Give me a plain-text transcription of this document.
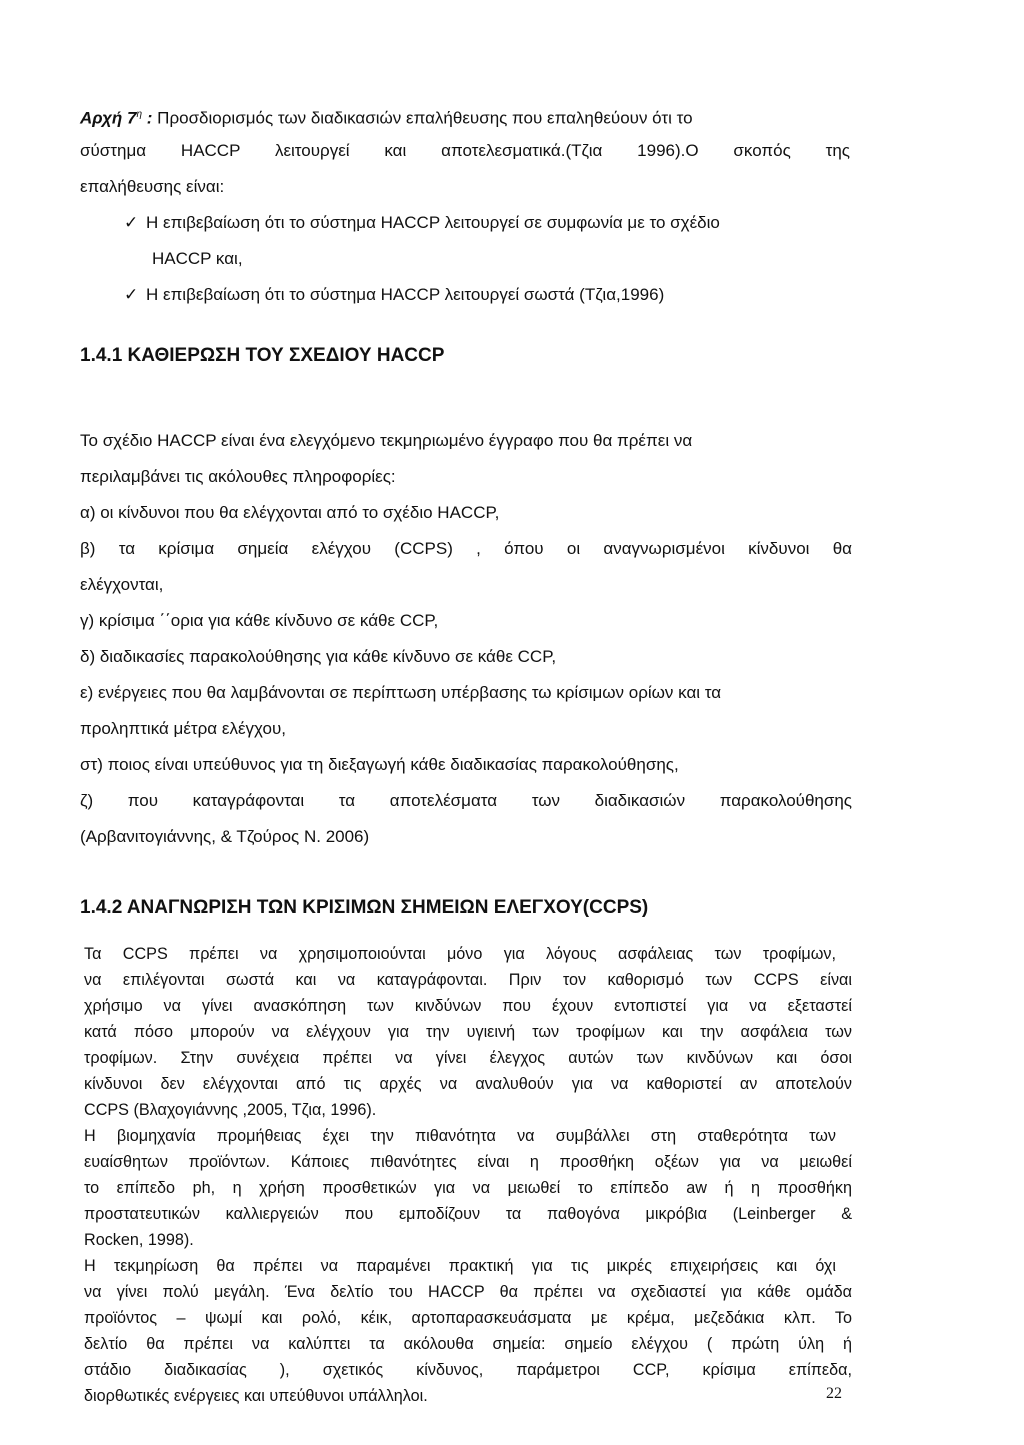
Αρχή $7^\eta$ : Προσδιορισμός των διαδικασιών επαλήθευσης που επαληθεύουν ότι το
σύστημα HACCP λειτουργεί και αποτελεσματικά.(Τζια 1996).Ο σκοπός της
επαλήθευσης είναι:
✓ Η επιβεβαίωση ότι το σύστημα HACCP λειτουργεί σε συμφωνία με το σχέδιο
HACCP και,
✓ Η επιβεβαίωση ότι το σύστημα HACCP λειτουργεί σωστά (Τζια,1996)
1.4.1 ΚΑΘΙΕΡΩΣΗ ΤΟΥ ΣΧΕΔΙΟΥ HACCP
Το σχέδιο HACCP είναι ένα ελεγχόμενο τεκμηριωμένο έγγραφο που θα πρέπει να
περιλαμβάνει τις ακόλουθες πληροφορίες:
α) οι κίνδυνοι που θα ελέγχονται από το σχέδιο HACCP,
β) τα κρίσιμα σημεία ελέγχου (CCPS) , όπου οι αναγνωρισμένοι κίνδυνοι θα
ελέγχονται,
γ) κρίσιμα ΄΄ορια για κάθε κίνδυνο σε κάθε CCP,
δ) διαδικασίες παρακολούθησης για κάθε κίνδυνο σε κάθε CCP,
ε) ενέργειες που θα λαμβάνονται σε περίπτωση υπέρβασης τω κρίσιμων ορίων και τα
προληπτικά μέτρα ελέγχου,
στ) ποιος είναι υπεύθυνος για τη διεξαγωγή κάθε διαδικασίας παρακολούθησης,
ζ) που καταγράφονται τα αποτελέσματα των διαδικασιών παρακολούθησης
(Αρβανιτογιάννης, & Τζούρος Ν. 2006)
1.4.2 ΑΝΑΓΝΩΡΙΣΗ ΤΩΝ ΚΡΙΣΙΜΩΝ ΣΗΜΕΙΩΝ ΕΛΕΓΧΟΥ(CCPS)
Τα CCPS πρέπει να χρησιμοποιούνται μόνο για λόγους ασφάλειας των τροφίμων,
να επιλέγονται σωστά και να καταγράφονται. Πριν τον καθορισμό των CCPS είναι
χρήσιμο να γίνει ανασκόπηση των κινδύνων που έχουν εντοπιστεί για να εξεταστεί
κατά πόσο μπορούν να ελέγχουν για την υγιεινή των τροφίμων και την ασφάλεια των
τροφίμων. Στην συνέχεια πρέπει να γίνει έλεγχος αυτών των κινδύνων και όσοι
κίνδυνοι δεν ελέγχονται από τις αρχές να αναλυθούν για να καθοριστεί αν αποτελούν
CCPS (Βλαχογιάννης ,2005, Τζια, 1996).
Η βιομηχανία προμήθειας έχει την πιθανότητα να συμβάλλει στη σταθερότητα των
ευαίσθητων προϊόντων. Κάποιες πιθανότητες είναι η προσθήκη οξέων για να μειωθεί
το επίπεδο ph, η χρήση προσθετικών για να μειωθεί το επίπεδο aw ή η προσθήκη
προστατευτικών καλλιεργειών που εμποδίζουν τα παθογόνα μικρόβια (Leinberger &
Rocken, 1998).
Η τεκμηρίωση θα πρέπει να παραμένει πρακτική για τις μικρές επιχειρήσεις και όχι
να γίνει πολύ μεγάλη. Ένα δελτίο του HACCP θα πρέπει να σχεδιαστεί για κάθε ομάδα
προϊόντος – ψωμί και ρολό, κέικ, αρτοπαρασκευάσματα με κρέμα, μεζεδάκια κλπ. Το
δελτίο θα πρέπει να καλύπτει τα ακόλουθα σημεία: σημείο ελέγχου ( πρώτη ύλη ή
στάδιο διαδικασίας ), σχετικός κίνδυνος, παράμετροι CCP, κρίσιμα επίπεδα,
διορθωτικές ενέργειες και υπεύθυνοι υπάλληλοι.	22
